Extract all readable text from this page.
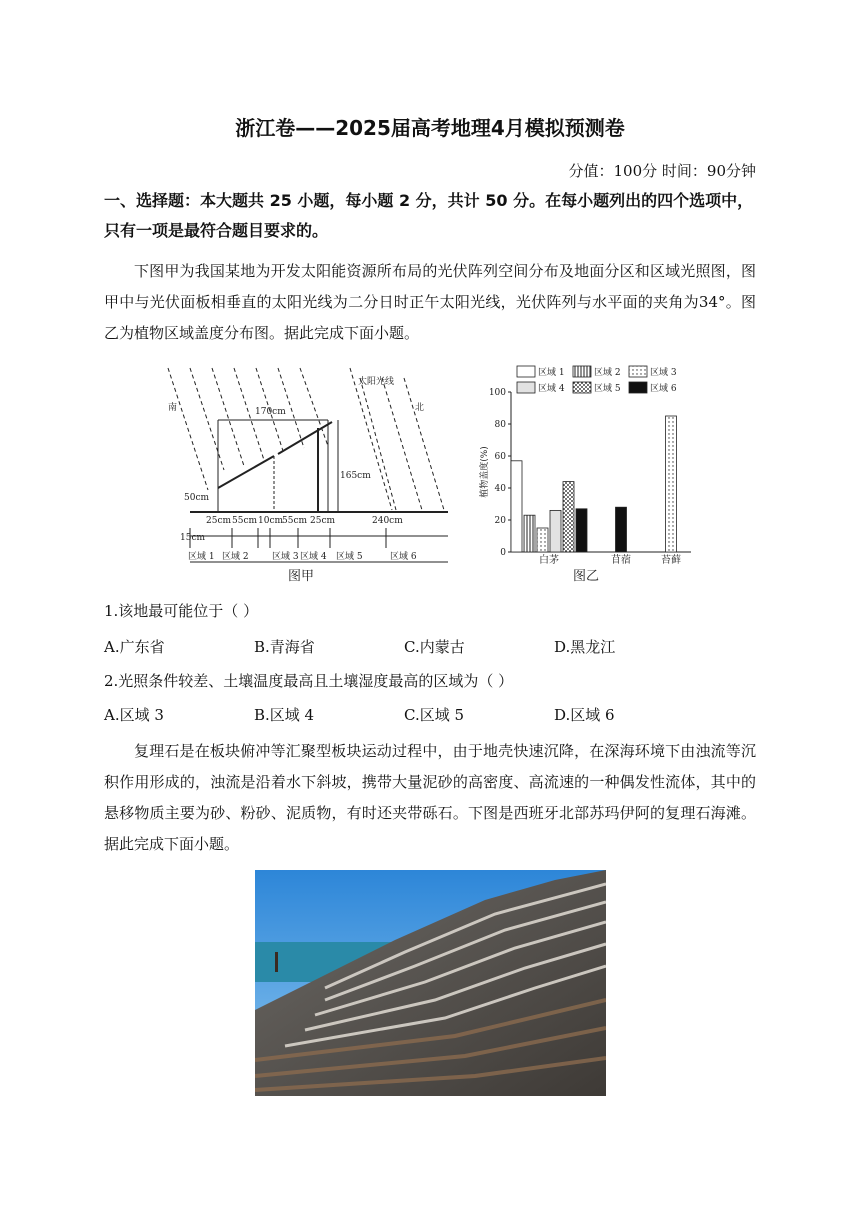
浙江卷——2025届高考地理4月模拟预测卷
分值：100分 时间：90分钟
一、选择题：本大题共 25 小题，每小题 2 分，共计 50 分。在每小题列出的四个选项中，只有一项是最符合题目要求的。
下图甲为我国某地为开发太阳能资源所布局的光伏阵列空间分布及地面分区和区域光照图，图甲中与光伏面板相垂直的太阳光线为二分日时正午太阳光线，光伏阵列与水平面的夹角为34°。图乙为植物区域盖度分布图。据此完成下面小题。
南	北
太阳光线
170cm
165cm
50cm
15cm
25cm 55cm 10cm
55cm 25cm	240cm
区域 1 区域 2	区域 3 区域 4 区域 5	区域 6
图甲
0
20
40
60
80
100
植物盖度(%)
区域 1	区域 2	区域 3
区域 4	区域 5	区域 6
白茅	苜蓿	苔藓
图乙
1.该地最可能位于（ ）
A.广东省	B.青海省	C.内蒙古	D.黑龙江
2.光照条件较差、土壤温度最高且土壤湿度最高的区域为（ ）
A.区域 3	B.区域 4	C.区域 5	D.区域 6
复理石是在板块俯冲等汇聚型板块运动过程中，由于地壳快速沉降，在深海环境下由浊流等沉积作用形成的，浊流是沿着水下斜坡，携带大量泥砂的高密度、高流速的一种偶发性流体，其中的悬移物质主要为砂、粉砂、泥质物，有时还夹带砾石。下图是西班牙北部苏玛伊阿的复理石海滩。据此完成下面小题。
